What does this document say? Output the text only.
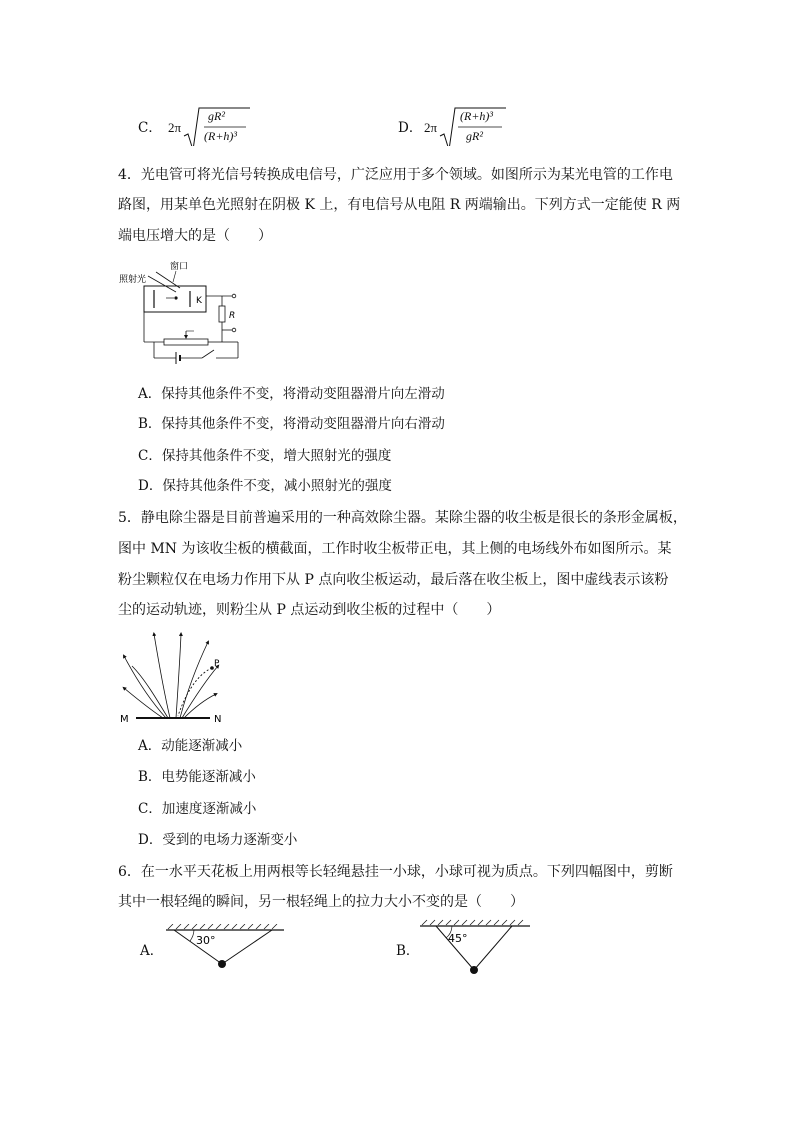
C． 2π
gR²
(R+h)³	D． 2π
(R+h)³
gR²
4．光电管可将光信号转换成电信号，广泛应用于多个领域。如图所示为某光电管的工作电
路图，用某单色光照射在阴极 K 上，有电信号从电阻 R 两端输出。下列方式一定能使 R 两
端电压增大的是（　　）
窗口
照射光
K
R
A．保持其他条件不变，将滑动变阻器滑片向左滑动
B．保持其他条件不变，将滑动变阻器滑片向右滑动
C．保持其他条件不变，增大照射光的强度
D．保持其他条件不变，减小照射光的强度
5．静电除尘器是目前普遍采用的一种高效除尘器。某除尘器的收尘板是很长的条形金属板，
图中 MN 为该收尘板的横截面，工作时收尘板带正电，其上侧的电场线外布如图所示。某
粉尘颗粒仅在电场力作用下从 P 点向收尘板运动，最后落在收尘板上，图中虚线表示该粉
尘的运动轨迹，则粉尘从 P 点运动到收尘板的过程中（　　）
M	N
P
A．动能逐渐减小
B．电势能逐渐减小
C．加速度逐渐减小
D．受到的电场力逐渐变小
6．在一水平天花板上用两根等长轻绳悬挂一小球，小球可视为质点。下列四幅图中，剪断
其中一根轻绳的瞬间，另一根轻绳上的拉力大小不变的是（　　）
A．
30°
B．
45°
